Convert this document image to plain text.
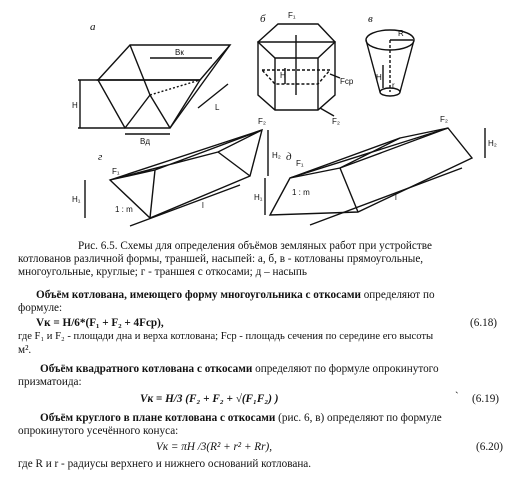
а
б	в
г	д
H
Bк
Bд
L
F₁
Fср
F₂
H
R
H
r
F₁
F₂
H₁
H₂
1 : m	l
F₁
F₂
H₁
H₂
1 : m
l
Рис. 6.5. Схемы для определения объёмов земляных работ при устройстве
котлованов различной формы, траншей, насыпей: а, б, в - котлованы прямоугольные,
многоугольные, круглые; г - траншея с откосами; д – насыпь
Объём котлована, имеющего форму многоугольника с откосами определяют по
формуле:
Vк = H/6*(F₁ + F₂ + 4Fср),	(6.18)
где F₁ и F₂ - площади дна и верха котлована; Fср - площадь сечения по середине его высоты
м².
Объём квадратного котлована с откосами определяют по формуле опрокинутого
призматоида:
Vк = H/3 (F₂ + F₂ + √(F₁F₂) )	` (6.19)
Объём круглого в плане котлована с откосами (рис. 6, в) определяют по формуле
опрокинутого усечённого конуса:
Vк = πH /3(R² + r² + Rr),	(6.20)
где R и r - радиусы верхнего и нижнего оснований котлована.
